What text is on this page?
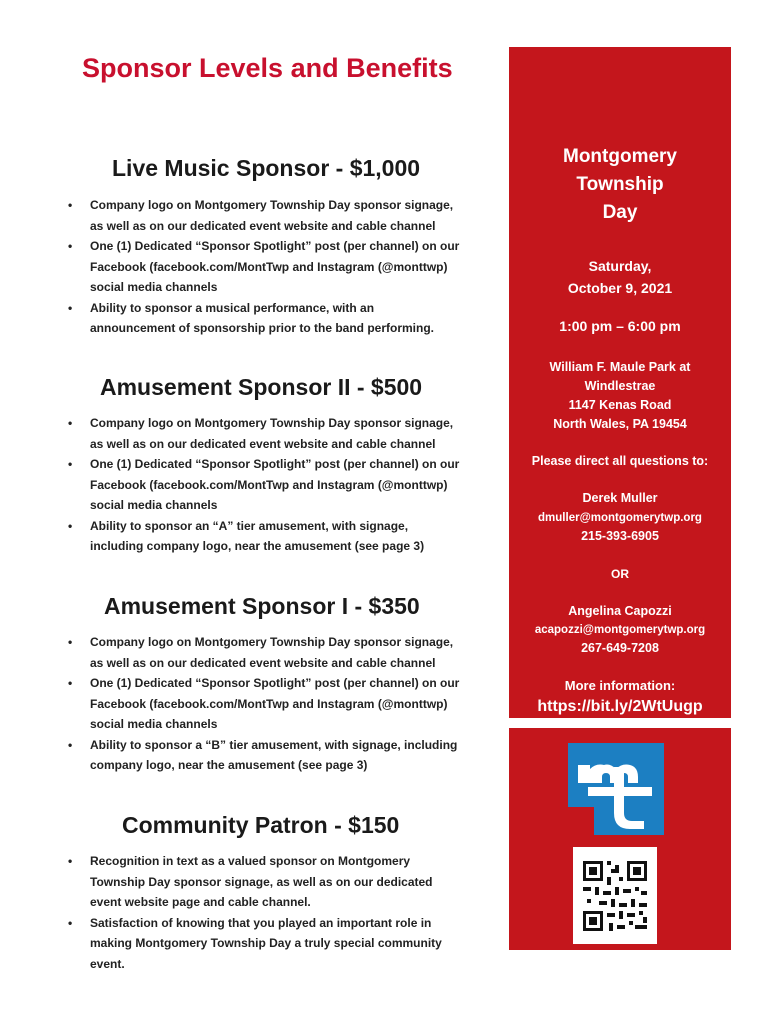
Sponsor Levels and Benefits
Live Music Sponsor - $1,000
• Company logo on Montgomery Township Day sponsor signage,
as well as on our dedicated event website and cable channel
• One (1) Dedicated “Sponsor Spotlight” post (per channel) on our
Facebook (facebook.com/MontTwp and Instagram (@monttwp)
social media channels
• Ability to sponsor a musical performance, with an
announcement of sponsorship prior to the band performing.
Amusement Sponsor II - $500
• Company logo on Montgomery Township Day sponsor signage,
as well as on our dedicated event website and cable channel
• One (1) Dedicated “Sponsor Spotlight” post (per channel) on our
Facebook (facebook.com/MontTwp and Instagram (@monttwp)
social media channels
• Ability to sponsor an “A” tier amusement, with signage,
including company logo, near the amusement (see page 3)
Amusement Sponsor I - $350
• Company logo on Montgomery Township Day sponsor signage,
as well as on our dedicated event website and cable channel
• One (1) Dedicated “Sponsor Spotlight” post (per channel) on our
Facebook (facebook.com/MontTwp and Instagram (@monttwp)
social media channels
• Ability to sponsor a “B” tier amusement, with signage, including
company logo, near the amusement (see page 3)
Community Patron - $150
• Recognition in text as a valued sponsor on Montgomery
Township Day sponsor signage, as well as on our dedicated
event website page and cable channel.
• Satisfaction of knowing that you played an important role in
making Montgomery Township Day a truly special community
event.
Montgomery
Township
Day
Saturday,
October 9, 2021
1:00 pm – 6:00 pm
William F. Maule Park at
Windlestrae
1147 Kenas Road
North Wales, PA 19454
Please direct all questions to:
Derek Muller
dmuller@montgomerytwp.org
215-393-6905
OR
Angelina Capozzi
acapozzi@montgomerytwp.org
267-649-7208
More information:
https://bit.ly/2WtUugp
